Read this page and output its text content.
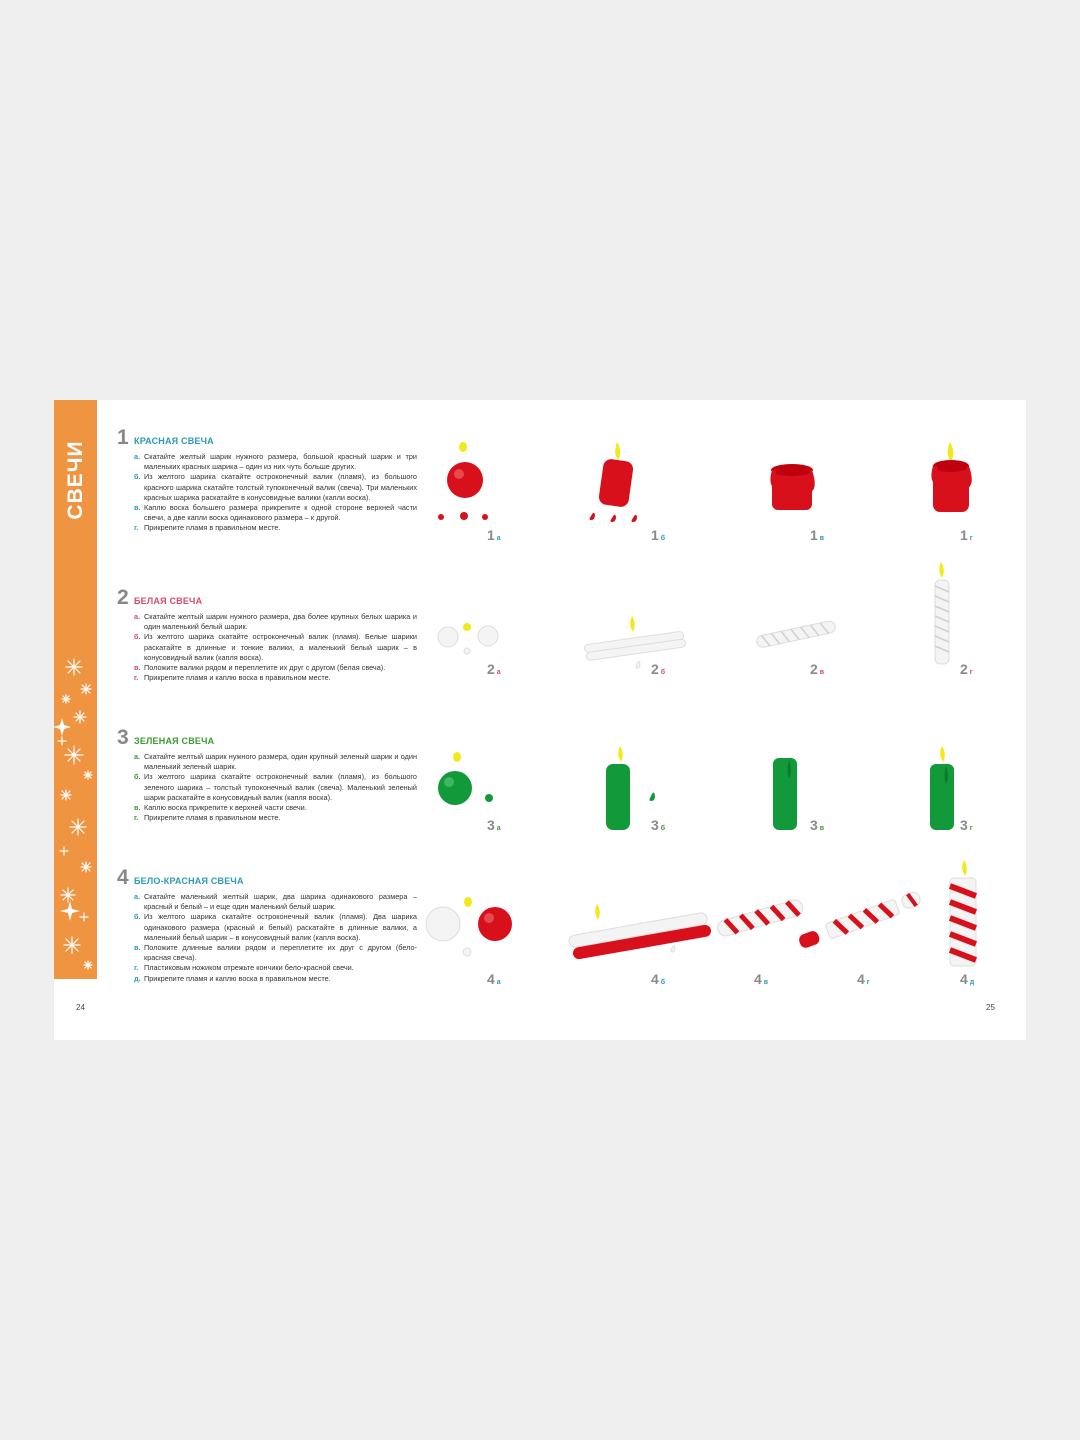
СВЕЧИ
24	25
1 КРАСНАЯ СВЕЧА
а. Скатайте желтый шарик нужного размера, большой красный шарик и три маленьких красных шарика – один из них чуть больше других.
б. Из желтого шарика скатайте остроконечный валик (пламя), из большого красного шарика скатайте толстый тупоконечный валик (свеча). Три маленьких красных шарика раскатайте в конусовидные валики (капли воска).
в. Каплю воска большего размера прикрепите к одной стороне верхней части свечи, а две капли воска одинакового размера – к другой.
г. Прикрепите пламя в правильном месте.
2 БЕЛАЯ СВЕЧА
а. Скатайте желтый шарик нужного размера, два более крупных белых шарика и один маленький белый шарик.
б. Из желтого шарика скатайте остроконечный валик (пламя). Белые шарики раскатайте в длинные и тонкие валики, а маленький белый шарик – в конусовидный валик (капля воска).
в. Положите валики рядом и переплетите их друг с другом (белая свеча).
г. Прикрепите пламя и каплю воска в правильном месте.
3 ЗЕЛЕНАЯ СВЕЧА
а. Скатайте желтый шарик нужного размера, один крупный зеленый шарик и один маленький зеленый шарик.
б. Из желтого шарика скатайте остроконечный валик (пламя), из большого зеленого шарика – толстый тупоконечный валик (свеча). Маленький зеленый шарик раскатайте в конусовидный валик (капля воска).
в. Каплю воска прикрепите к верхней части свечи.
г. Прикрепите пламя в правильном месте.
4 БЕЛО-КРАСНАЯ СВЕЧА
а. Скатайте маленький желтый шарик, два шарика одинакового размера – красный и белый – и еще один маленький белый шарик.
б. Из желтого шарика скатайте остроконечный валик (пламя). Два шарика одинакового размера (красный и белый) раскатайте в длинные валики, а маленький белый шарик – в конусовидный валик (капля воска).
в. Положите длинные валики рядом и переплетите их друг с другом (бело-красная свеча).
г. Пластиковым ножиком отрежьте кончики бело-красной свечи.
д. Прикрепите пламя и каплю воска в правильном месте.
1 а	1 б	1 в	1 г
2 а	2 б	2 в	2 г
3 а	3 б	3 в	3 г
4 а	4 б	4 в	4 г	4 д
